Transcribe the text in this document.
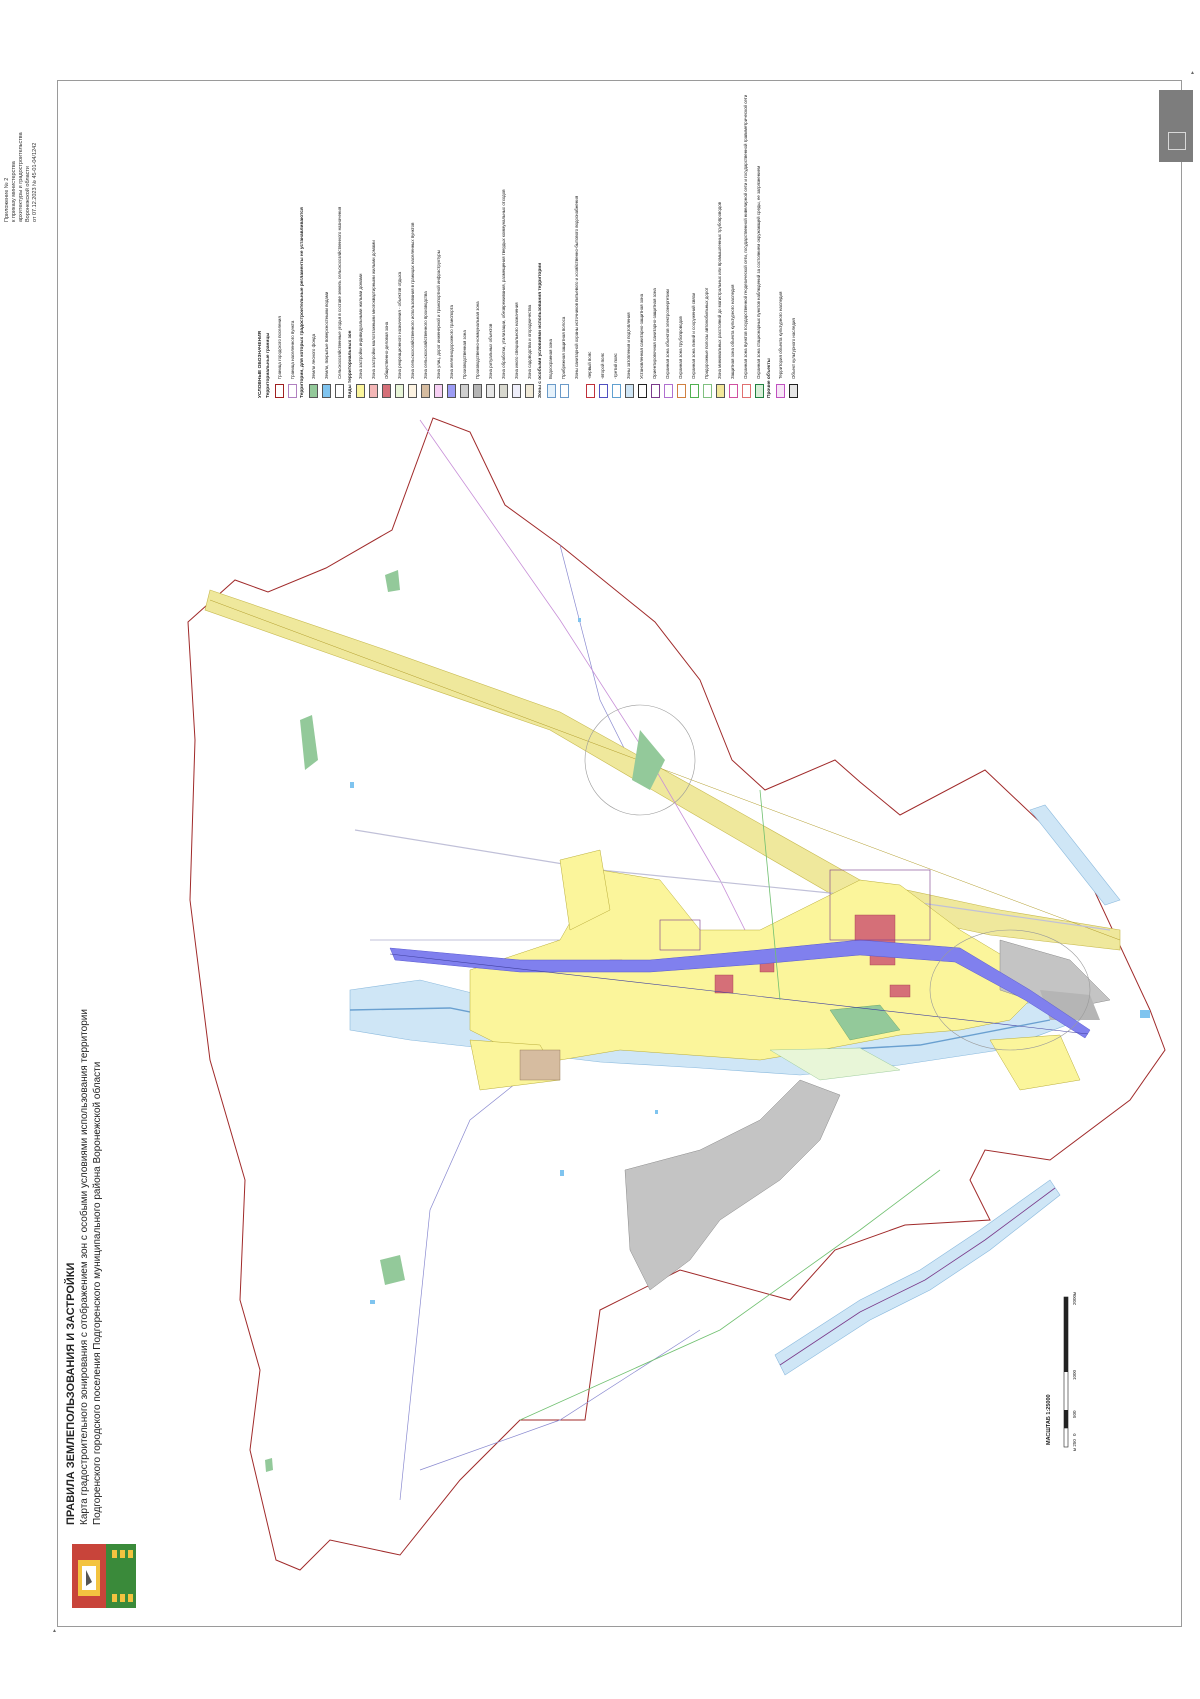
Приложение № 2 к приказу министерства архитектуры и градостроительства Воронежской области от 07.12.2023 № 45-01-04/1242
▲
▲
УСЛОВНЫЕ ОБОЗНАЧЕНИЯ Территориальные границы Граница городского поселения Граница населенного пункта Территории, для которых градостроительные регламенты не устанавливаются Земли лесного фонда Земли, покрытые поверхностными водами Сельскохозяйственные угодья в составе земель сельскохозяйственного назначения Виды территориальных зон Зона застройки индивидуальными жилыми домами Зона застройки малоэтажными многоквартирными жилыми домами Общественно-деловая зона Зона рекреационного назначения - объектов отдыха Зона сельскохозяйственного использования в границах населенных пунктов Зона сельскохозяйственного производства Зона улиц, дорог инженерной и транспортной инфраструктуры Зона железнодорожного транспорта Производственная зона Производственно-коммунальная зона Зона ритуальных объектов Зона обработки, утилизации, обезвреживания, размещения твердых коммунальных отходов Зона иного специального назначения Зона садоводства и огородничества Зоны с особыми условиями использования территории Водоохранная зона Прибрежная защитная полоса Зоны санитарной охраны источников питьевого и хозяйственно-бытового водоснабжения -первый пояс -второй пояс -третий пояс Зоны затопления и подтопления Установленная санитарно-защитная зона Ориентировочная санитарно-защитная зона Охранная зона объектов электроэнергетики Охранная зона трубопроводов Охранная зона линий и сооружений связи Придорожные полосы автомобильных дорог Зона минимальных расстояний до магистральных или промышленных трубопроводов Защитная зона объекта культурного наследия Охранная зона пунктов государственной геодезической сети, государственной нивелирной сети и государственной гравиметрической сети Охранная зона стационарных пунктов наблюдений за состоянием окружающей среды, ее загрязнением Прочие объекты Территория объекта культурного наследия Объект культурного наследия
ПРАВИЛА ЗЕМЛЕПОЛЬЗОВАНИЯ И ЗАСТРОЙКИ Карта градостроительного зонирования с отображением зон с особыми условиями использования территории Подгоренского городского поселения Подгоренского муниципального района Воронежской области	МАСШТАБ 1:25000
м 250
0
500
1000
2000м
